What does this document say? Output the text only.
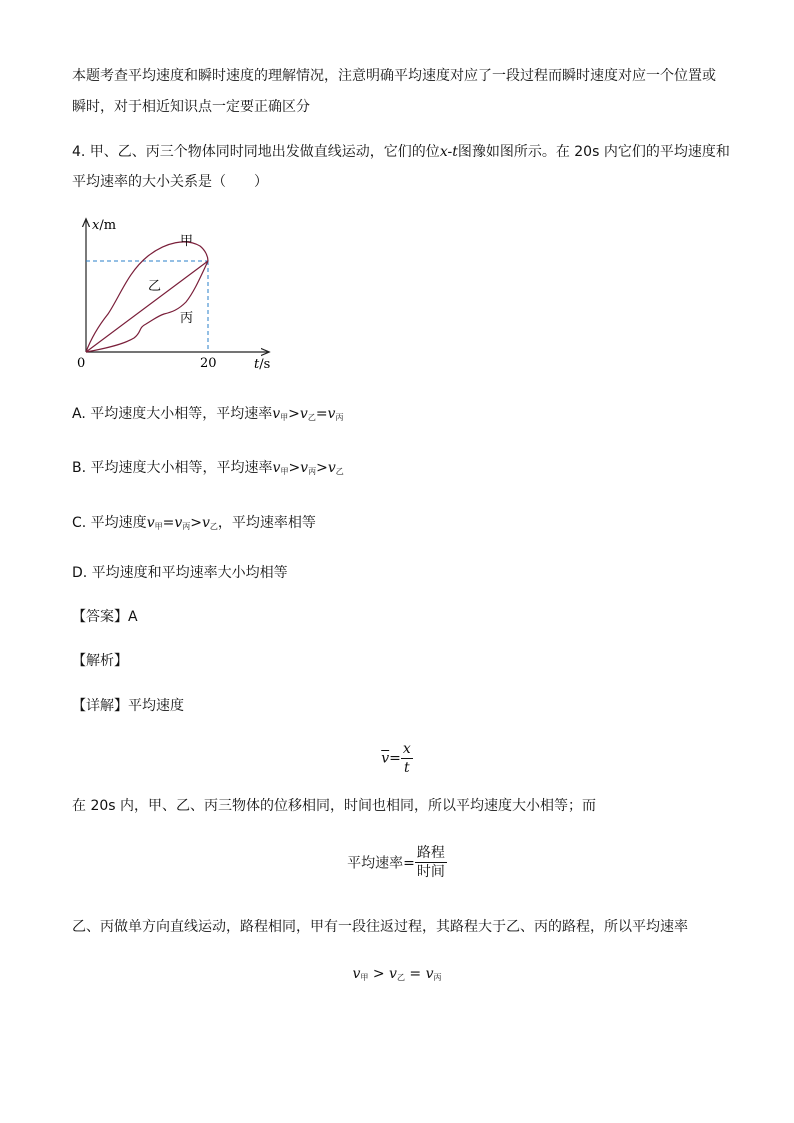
本题考查平均速度和瞬时速度的理解情况，注意明确平均速度对应了一段过程而瞬时速度对应一个位置或
瞬时，对于相近知识点一定要正确区分
4. 甲、乙、丙三个物体同时同地出发做直线运动，它们的位x-t图豫如图所示。在 20s 内它们的平均速度和
平均速率的大小关系是（　　）
x/m
t/s
0	20
甲
乙
丙
A. 平均速度大小相等，平均速率$v_甲>v_乙=v_丙$
B. 平均速度大小相等，平均速率$v_甲>v_丙>v_乙$
C. 平均速度$v_甲=v_丙>v_乙$，平均速率相等
D. 平均速度和平均速率大小均相等
【答案】A
【解析】
【详解】平均速度
$\overline{v}= \frac{x}{t}$
在 20s 内，甲、乙、丙三物体的位移相同，时间也相同，所以平均速度大小相等；而
平均速率= $\frac{\text{路程}}{\text{时间}}$
乙、丙做单方向直线运动，路程相同，甲有一段往返过程，其路程大于乙、丙的路程，所以平均速率
$v_甲 > v_乙 = v_丙$
